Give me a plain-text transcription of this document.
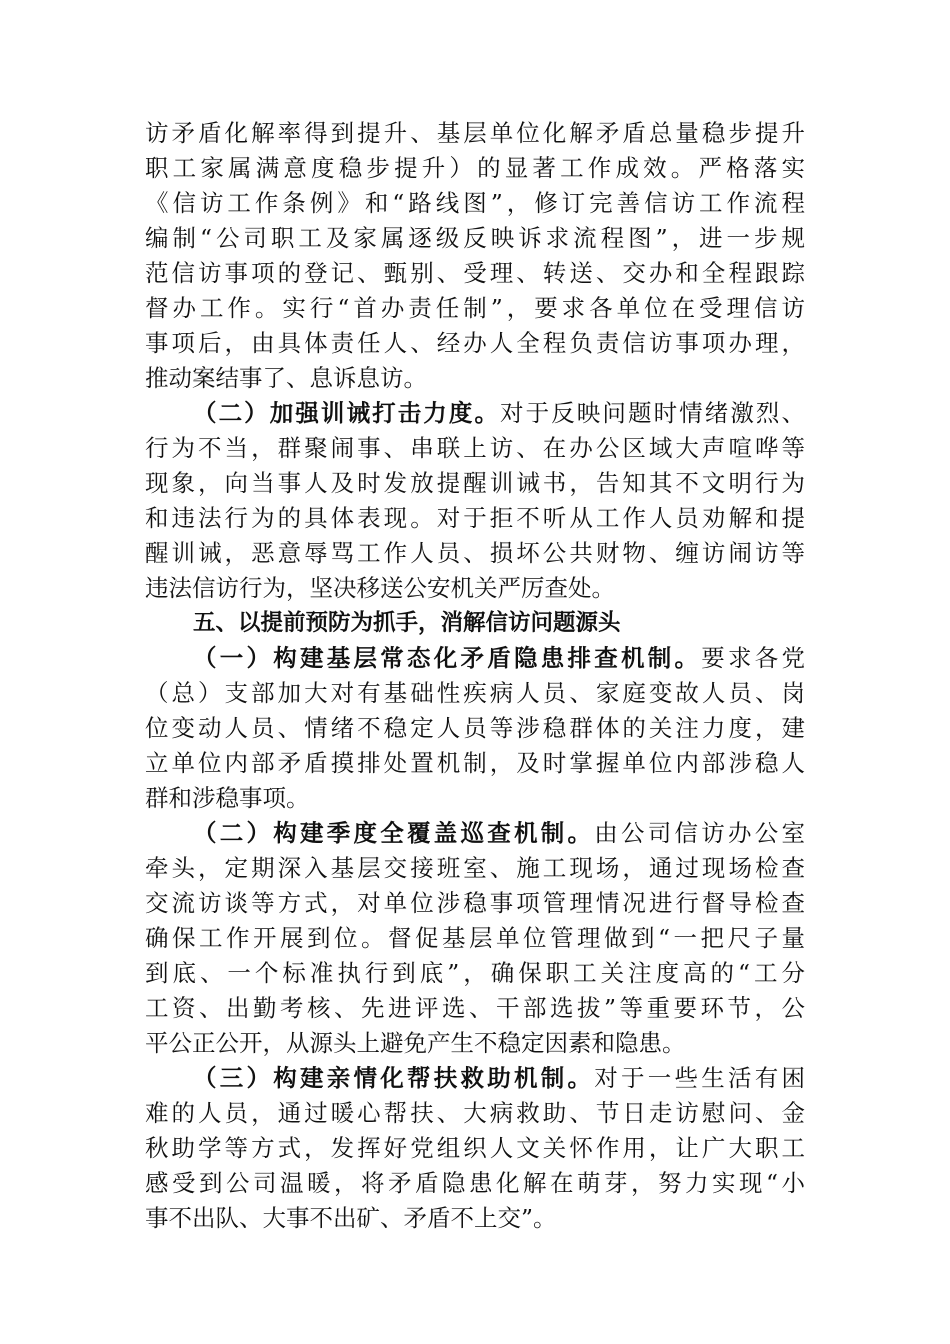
访矛盾化解率得到提升、基层单位化解矛盾总量稳步提升
职工家属满意度稳步提升）的显著工作成效。严格落实
《信访工作条例》和“路线图”，修订完善信访工作流程
编制“公司职工及家属逐级反映诉求流程图”，进一步规
范信访事项的登记、甄别、受理、转送、交办和全程跟踪
督办工作。实行“首办责任制”，要求各单位在受理信访
事项后，由具体责任人、经办人全程负责信访事项办理，
推动案结事了、息诉息访。
（二）加强训诫打击力度。对于反映问题时情绪激烈、
行为不当，群聚闹事、串联上访、在办公区域大声喧哗等
现象，向当事人及时发放提醒训诫书，告知其不文明行为
和违法行为的具体表现。对于拒不听从工作人员劝解和提
醒训诫，恶意辱骂工作人员、损坏公共财物、缠访闹访等
违法信访行为，坚决移送公安机关严厉查处。
五、以提前预防为抓手，消解信访问题源头
（一）构建基层常态化矛盾隐患排查机制。要求各党
（总）支部加大对有基础性疾病人员、家庭变故人员、岗
位变动人员、情绪不稳定人员等涉稳群体的关注力度，建
立单位内部矛盾摸排处置机制，及时掌握单位内部涉稳人
群和涉稳事项。
（二）构建季度全覆盖巡查机制。由公司信访办公室
牵头，定期深入基层交接班室、施工现场，通过现场检查
交流访谈等方式，对单位涉稳事项管理情况进行督导检查
确保工作开展到位。督促基层单位管理做到“一把尺子量
到底、一个标准执行到底”，确保职工关注度高的“工分
工资、出勤考核、先进评选、干部选拔”等重要环节，公
平公正公开，从源头上避免产生不稳定因素和隐患。
（三）构建亲情化帮扶救助机制。对于一些生活有困
难的人员，通过暖心帮扶、大病救助、节日走访慰问、金
秋助学等方式，发挥好党组织人文关怀作用，让广大职工
感受到公司温暖，将矛盾隐患化解在萌芽，努力实现“小
事不出队、大事不出矿、矛盾不上交”。
